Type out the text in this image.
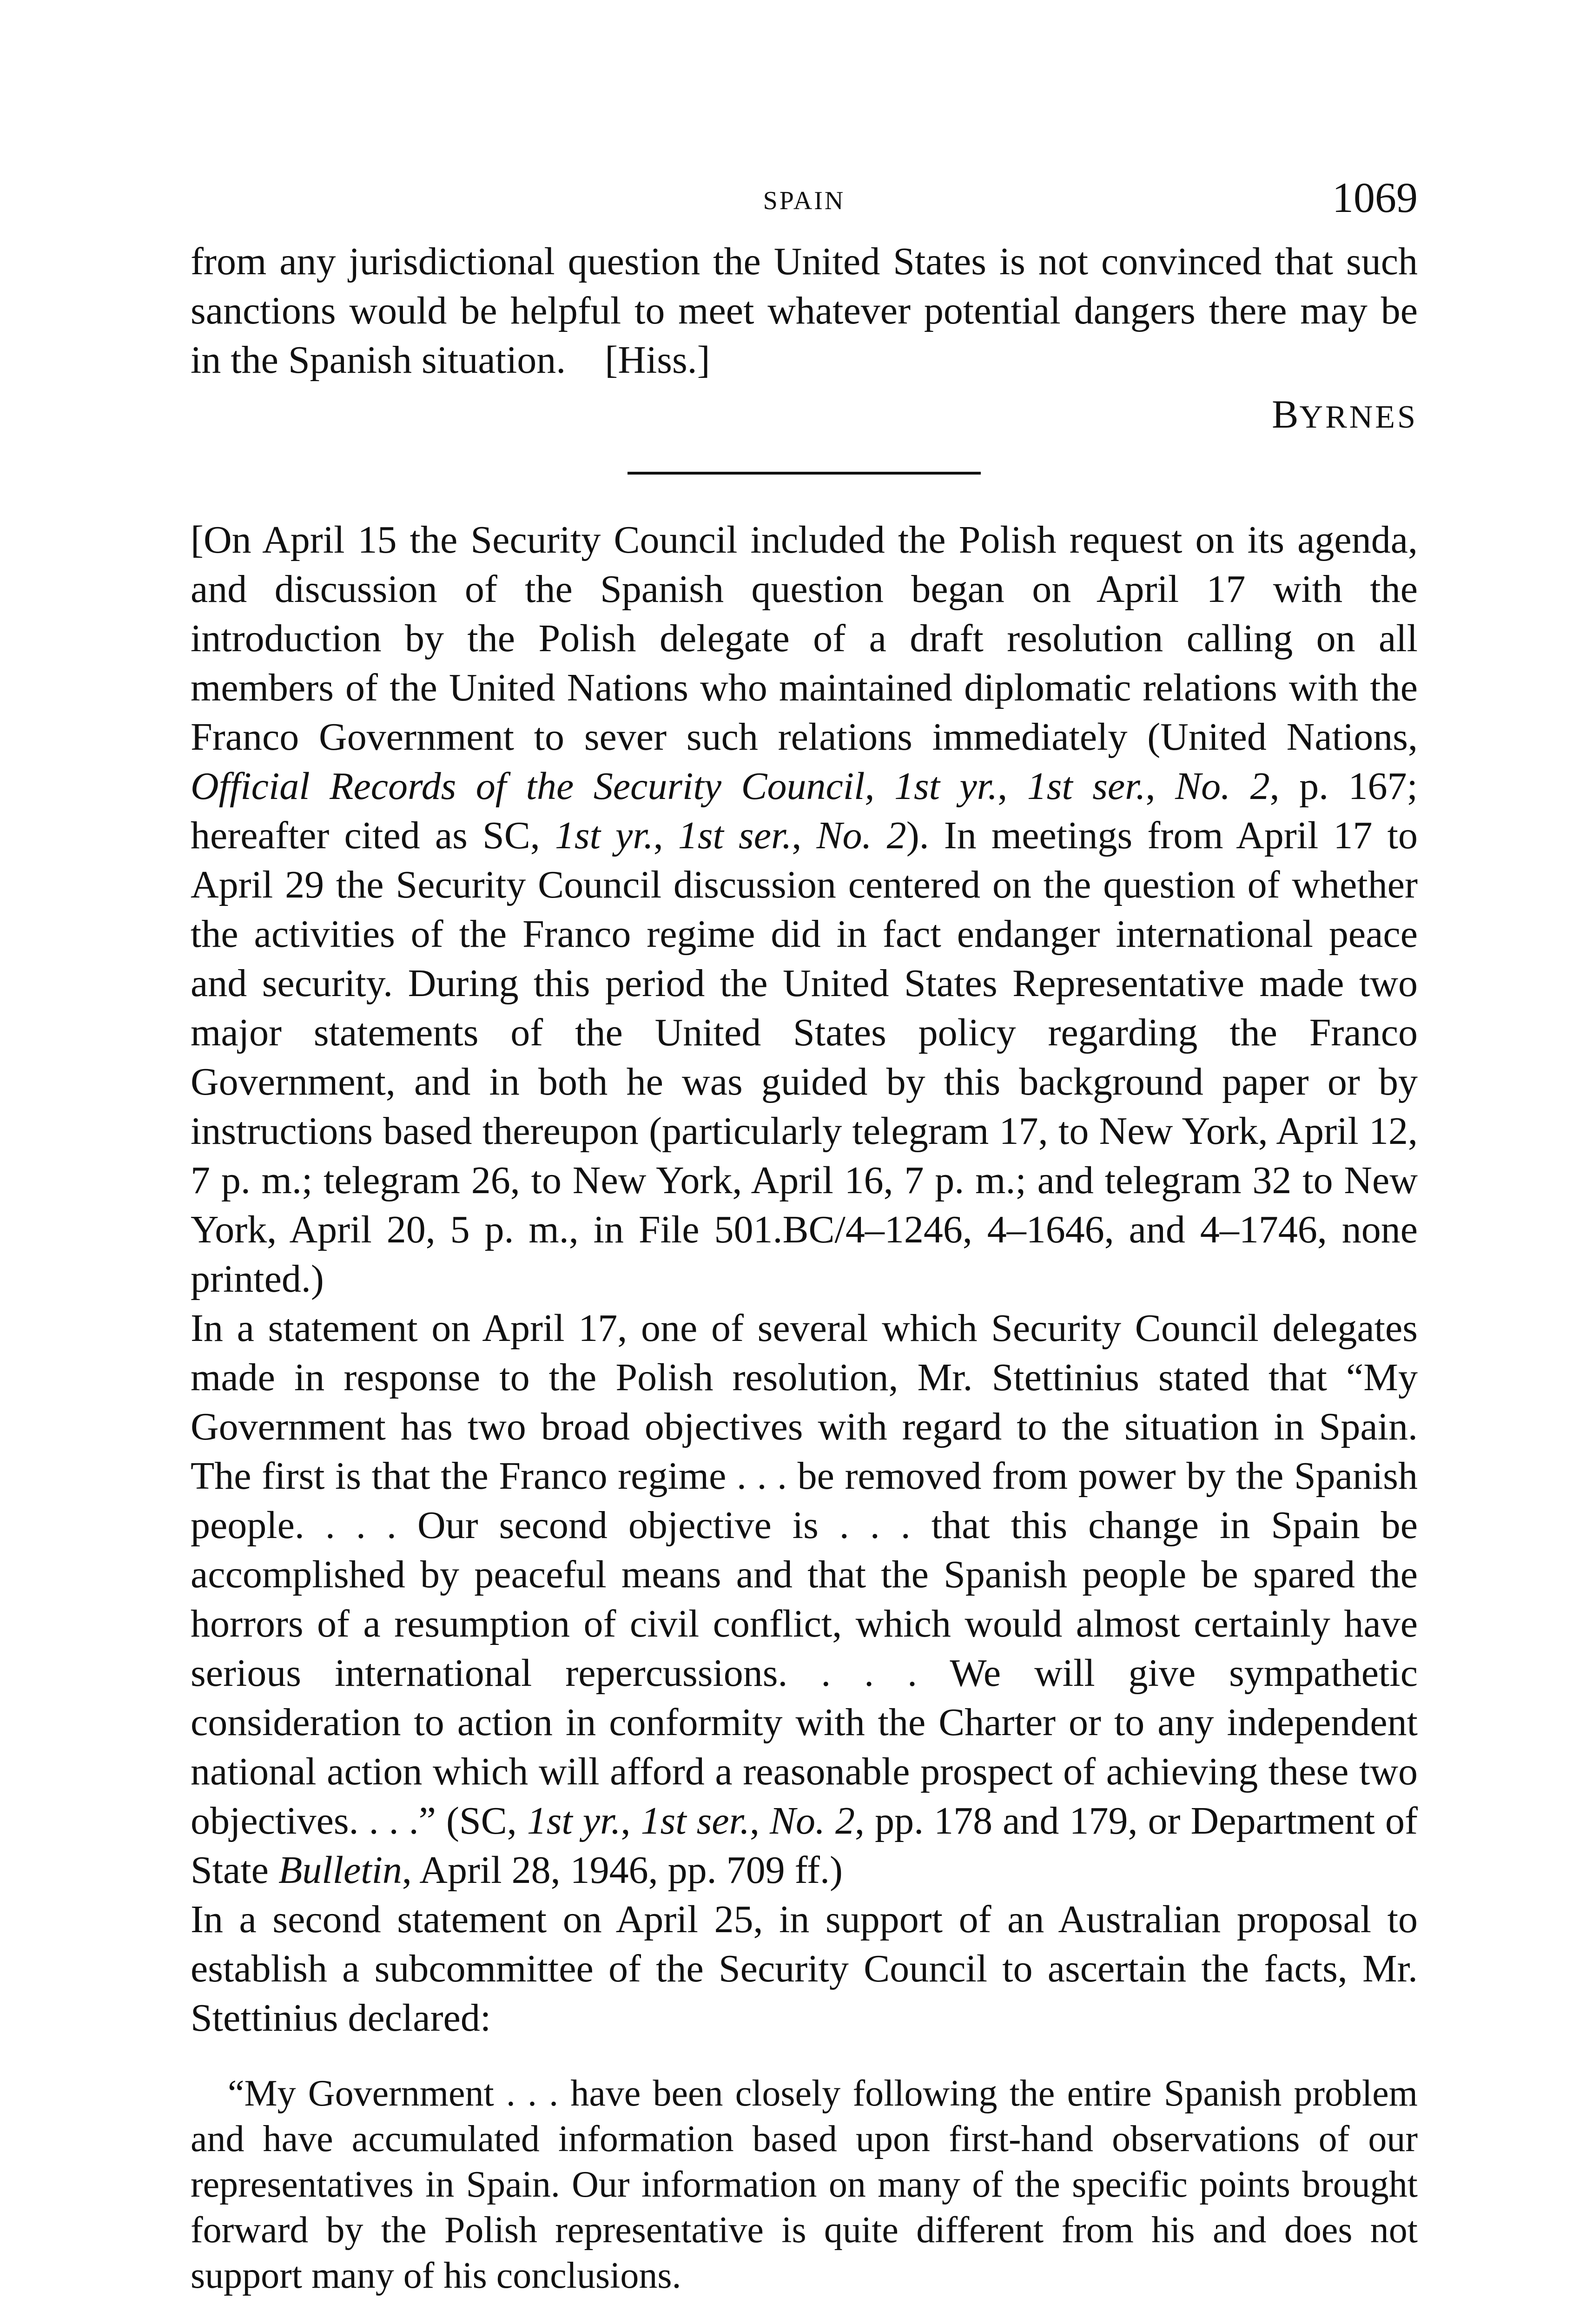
SPAIN	1069

from any jurisdictional question the United States is not convinced that such sanctions would be helpful to meet whatever potential dangers there may be in the Spanish situation. [Hiss.]

BYRNES

[On April 15 the Security Council included the Polish request on its agenda, and discussion of the Spanish question began on April 17 with the introduction by the Polish delegate of a draft resolution calling on all members of the United Nations who maintained diplomatic relations with the Franco Government to sever such relations immediately (United Nations, Official Records of the Security Council, 1st yr., 1st ser., No. 2, p. 167; hereafter cited as SC, 1st yr., 1st ser., No. 2). In meetings from April 17 to April 29 the Security Council discussion centered on the question of whether the activities of the Franco regime did in fact endanger international peace and security. During this period the United States Representative made two major statements of the United States policy regarding the Franco Government, and in both he was guided by this background paper or by instructions based thereupon (particularly telegram 17, to New York, April 12, 7 p. m.; telegram 26, to New York, April 16, 7 p. m.; and telegram 32 to New York, April 20, 5 p. m., in File 501.BC/4–1246, 4–1646, and 4–1746, none printed.)

In a statement on April 17, one of several which Security Council delegates made in response to the Polish resolution, Mr. Stettinius stated that “My Government has two broad objectives with regard to the situation in Spain. The first is that the Franco regime . . . be removed from power by the Spanish people. . . . Our second objective is . . . that this change in Spain be accomplished by peaceful means and that the Spanish people be spared the horrors of a resumption of civil conflict, which would almost certainly have serious international repercussions. . . . We will give sympathetic consideration to action in conformity with the Charter or to any independent national action which will afford a reasonable prospect of achieving these two objectives. . . .” (SC, 1st yr., 1st ser., No. 2, pp. 178 and 179, or Department of State Bulletin, April 28, 1946, pp. 709 ff.)

In a second statement on April 25, in support of an Australian proposal to establish a subcommittee of the Security Council to ascertain the facts, Mr. Stettinius declared:

“My Government . . . have been closely following the entire Spanish problem and have accumulated information based upon first-hand observations of our representatives in Spain. Our information on many of the specific points brought forward by the Polish representative is quite different from his and does not support many of his conclusions.
